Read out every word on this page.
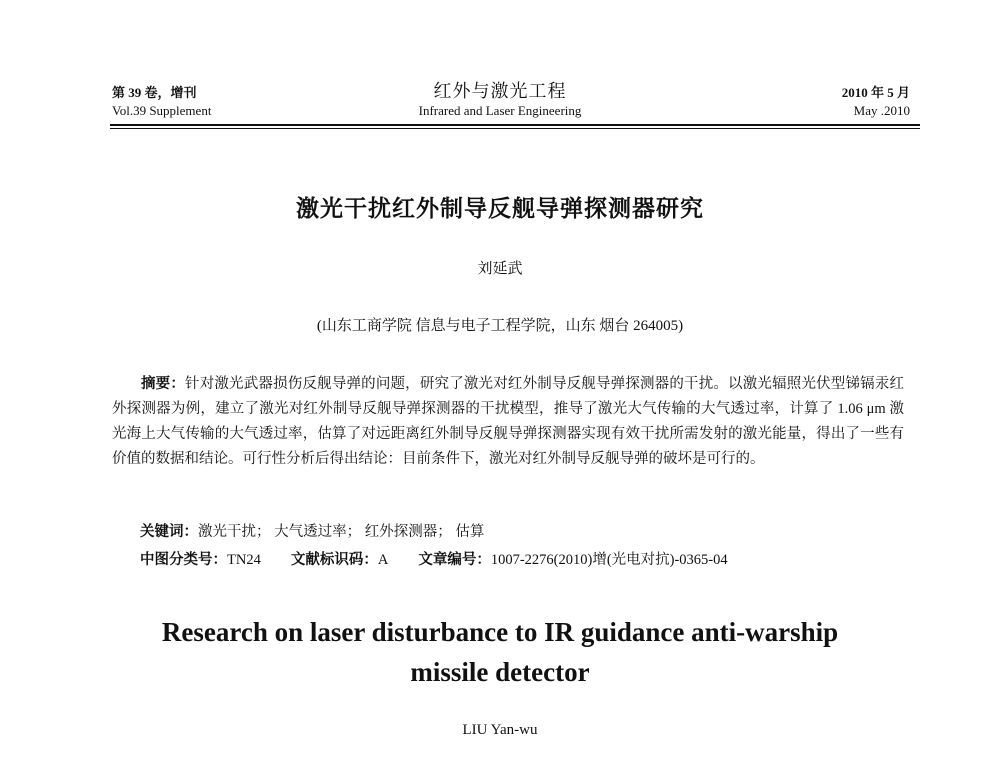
第 39 卷，增刊
Vol.39 Supplement
红外与激光工程
Infrared and Laser Engineering
2010 年 5 月
May .2010
激光干扰红外制导反舰导弹探测器研究
刘延武
(山东工商学院 信息与电子工程学院，山东 烟台 264005)
摘要：针对激光武器损伤反舰导弹的问题，研究了激光对红外制导反舰导弹探测器的干扰。以激光辐照光伏型锑镉汞红外探测器为例，建立了激光对红外制导反舰导弹探测器的干扰模型，推导了激光大气传输的大气透过率，计算了 1.06 μm 激光海上大气传输的大气透过率，估算了对远距离红外制导反舰导弹探测器实现有效干扰所需发射的激光能量，得出了一些有价值的数据和结论。可行性分析后得出结论：目前条件下，激光对红外制导反舰导弹的破坏是可行的。
关键词：激光干扰； 大气透过率； 红外探测器； 估算
中图分类号：TN24 文献标识码：A 文章编号：1007-2276(2010)增(光电对抗)-0365-04
Research on laser disturbance to IR guidance anti-warship
missile detector
LIU Yan-wu
